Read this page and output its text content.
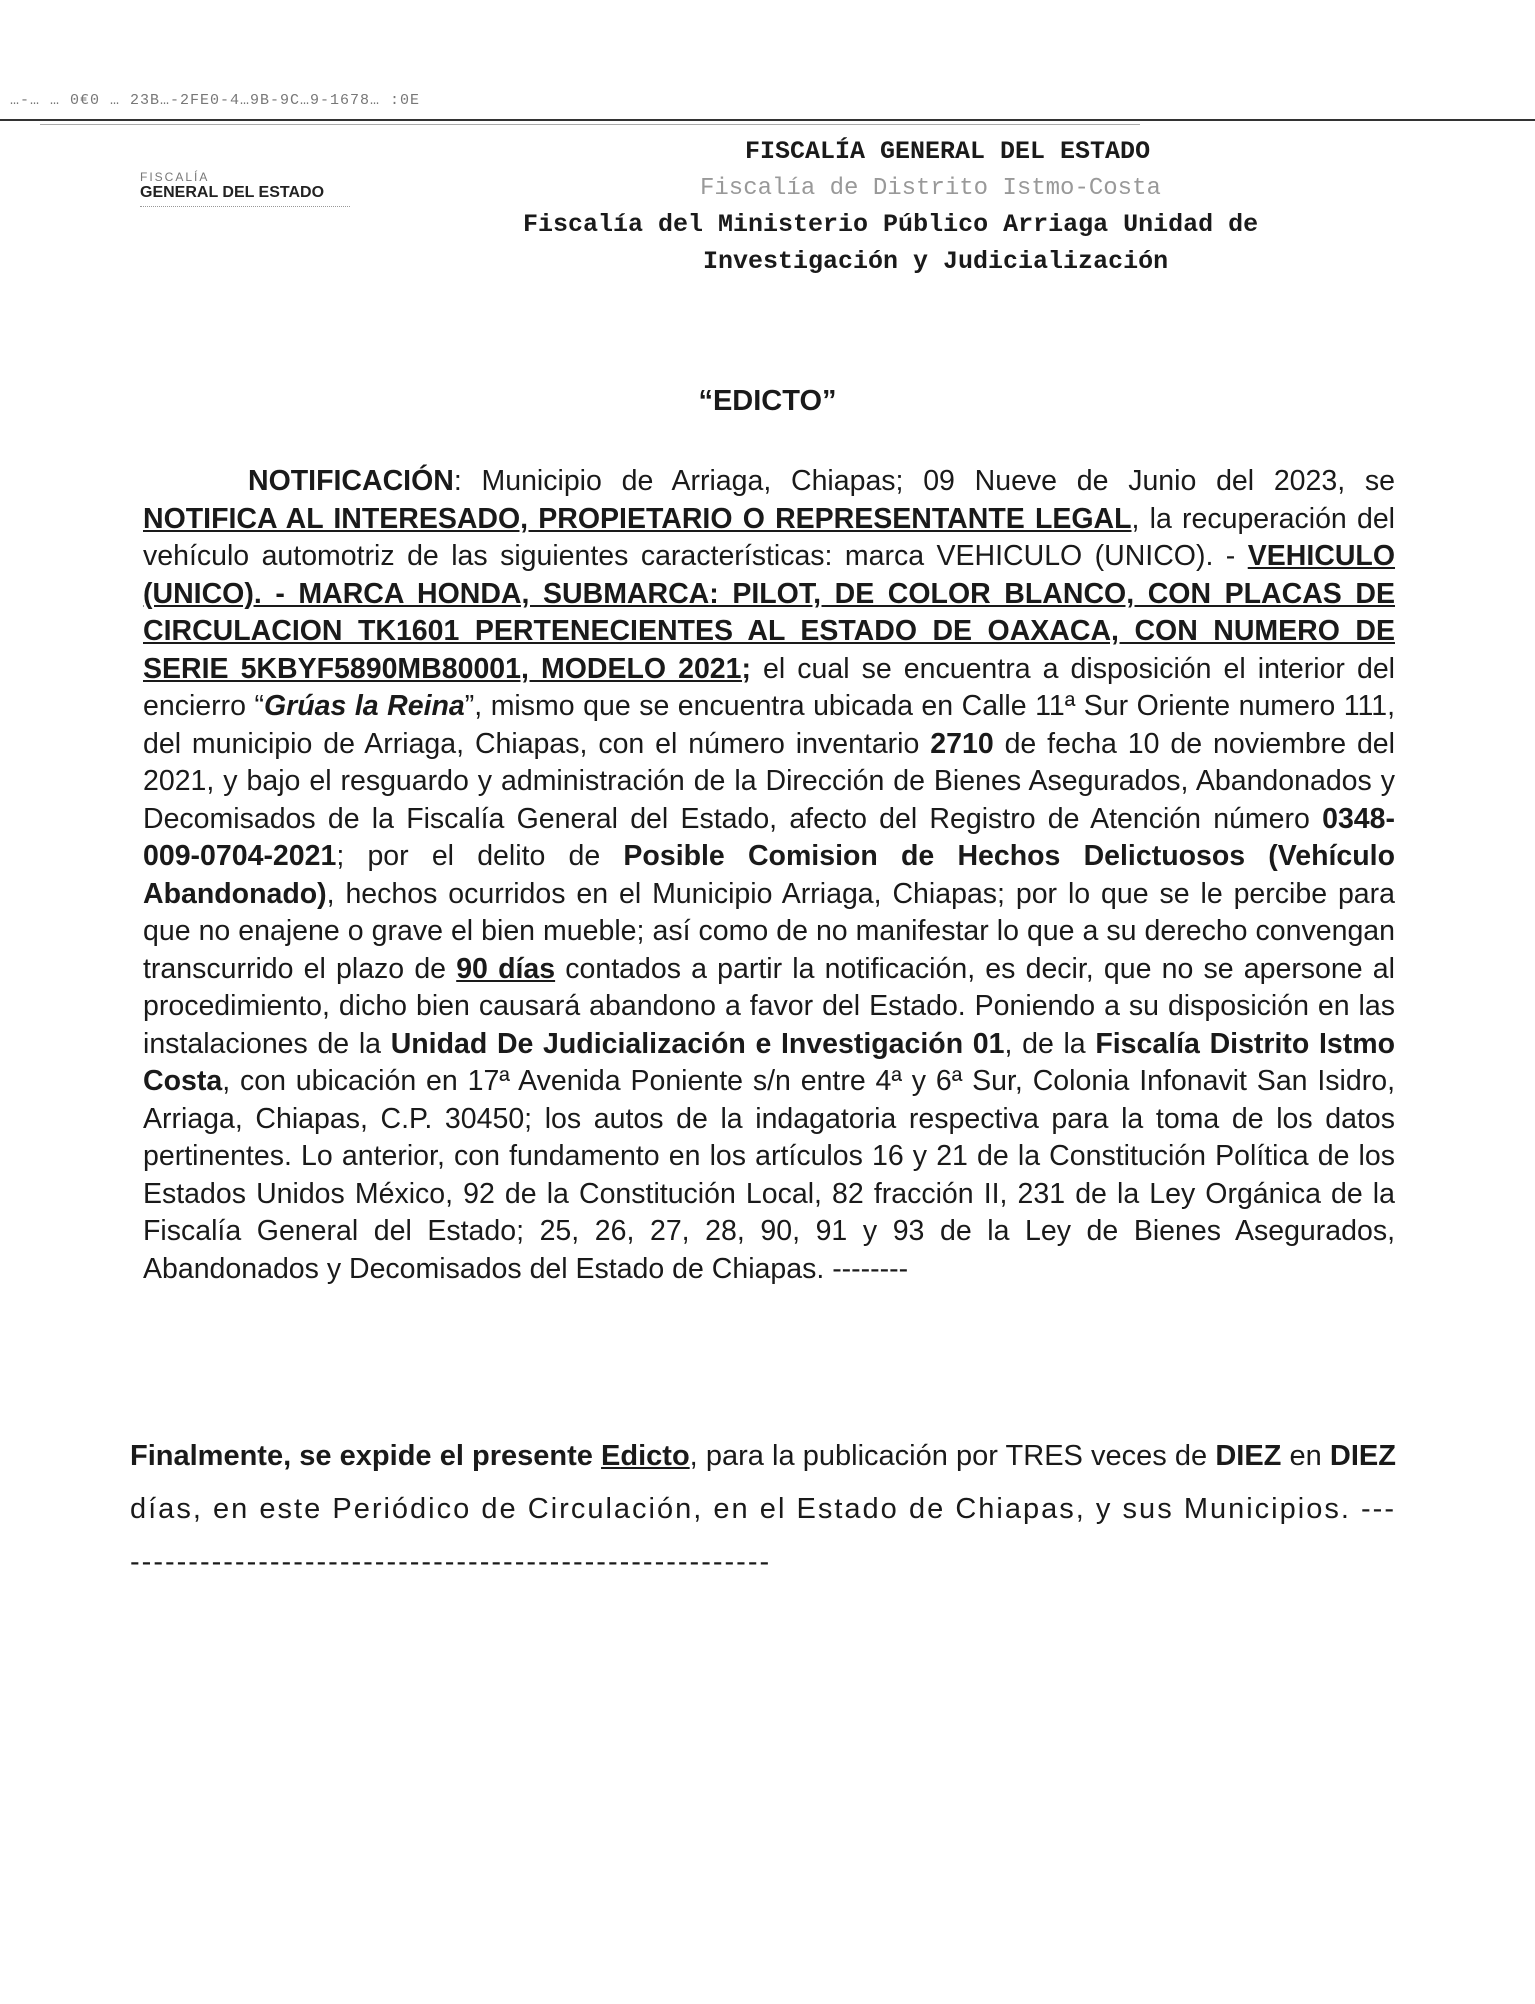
…-… … 0€0 … 23B…-2FE0-4…9B-9C…9-1678… :0E
FISCALÍA
GENERAL DEL ESTADO
FISCALÍA GENERAL DEL ESTADO
Fiscalía de Distrito Istmo-Costa
Fiscalía del Ministerio Público Arriaga Unidad de
Investigación y Judicialización
“EDICTO”

NOTIFICACIÓN: Municipio de Arriaga, Chiapas; 09 Nueve de Junio del 2023, se NOTIFICA AL INTERESADO, PROPIETARIO O REPRESENTANTE LEGAL, la recuperación del vehículo automotriz de las siguientes características: marca VEHICULO (UNICO). - VEHICULO (UNICO). - MARCA HONDA, SUBMARCA: PILOT, DE COLOR BLANCO, CON PLACAS DE CIRCULACION TK1601 PERTENECIENTES AL ESTADO DE OAXACA, CON NUMERO DE SERIE 5KBYF5890MB80001, MODELO 2021; el cual se encuentra a disposición el interior del encierro “Grúas la Reina”, mismo que se encuentra ubicada en Calle 11ª Sur Oriente numero 111, del municipio de Arriaga, Chiapas, con el número inventario 2710 de fecha 10 de noviembre del 2021, y bajo el resguardo y administración de la Dirección de Bienes Asegurados, Abandonados y Decomisados de la Fiscalía General del Estado, afecto del Registro de Atención número 0348-009-0704-2021; por el delito de Posible Comision de Hechos Delictuosos (Vehículo Abandonado), hechos ocurridos en el Municipio Arriaga, Chiapas; por lo que se le percibe para que no enajene o grave el bien mueble; así como de no manifestar lo que a su derecho convengan transcurrido el plazo de 90 días contados a partir la notificación, es decir, que no se apersone al procedimiento, dicho bien causará abandono a favor del Estado. Poniendo a su disposición en las instalaciones de la Unidad De Judicialización e Investigación 01, de la Fiscalía Distrito Istmo Costa, con ubicación en 17ª Avenida Poniente s/n entre 4ª y 6ª Sur, Colonia Infonavit San Isidro, Arriaga, Chiapas, C.P. 30450; los autos de la indagatoria respectiva para la toma de los datos pertinentes. Lo anterior, con fundamento en los artículos 16 y 21 de la Constitución Política de los Estados Unidos México, 92 de la Constitución Local, 82 fracción II, 231 de la Ley Orgánica de la Fiscalía General del Estado; 25, 26, 27, 28, 90, 91 y 93 de la Ley de Bienes Asegurados, Abandonados y Decomisados del Estado de Chiapas. --------

Finalmente, se expide el presente Edicto, para la publicación por TRES veces de DIEZ en DIEZ días, en este Periódico de Circulación, en el Estado de Chiapas, y sus Municipios. ----------------------------------------------------------
